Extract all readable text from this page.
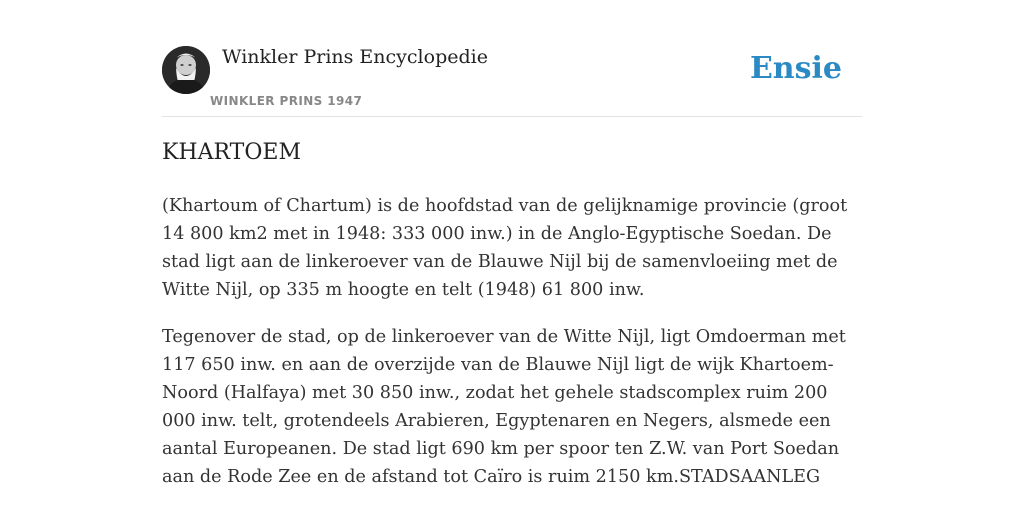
Winkler Prins Encyclopedie
WINKLER PRINS 1947
Ensie
KHARTOEM

(Khartoum of Chartum) is de hoofdstad van de gelijknamige provincie (groot 14 800 km2 met in 1948: 333 000 inw.) in de Anglo-Egyptische Soedan. De stad ligt aan de linkeroever van de Blauwe Nijl bij de samenvloeiing met de Witte Nijl, op 335 m hoogte en telt (1948) 61 800 inw.

Tegenover de stad, op de linkeroever van de Witte Nijl, ligt Omdoerman met 117 650 inw. en aan de overzijde van de Blauwe Nijl ligt de wijk Khartoem-Noord (Halfaya) met 30 850 inw., zodat het gehele stadscomplex ruim 200 000 inw. telt, grotendeels Arabieren, Egyptenaren en Negers, alsmede een aantal Europeanen. De stad ligt 690 km per spoor ten Z.W. van Port Soedan aan de Rode Zee en de afstand tot Caïro is ruim 2150 km.STADSAANLEG
